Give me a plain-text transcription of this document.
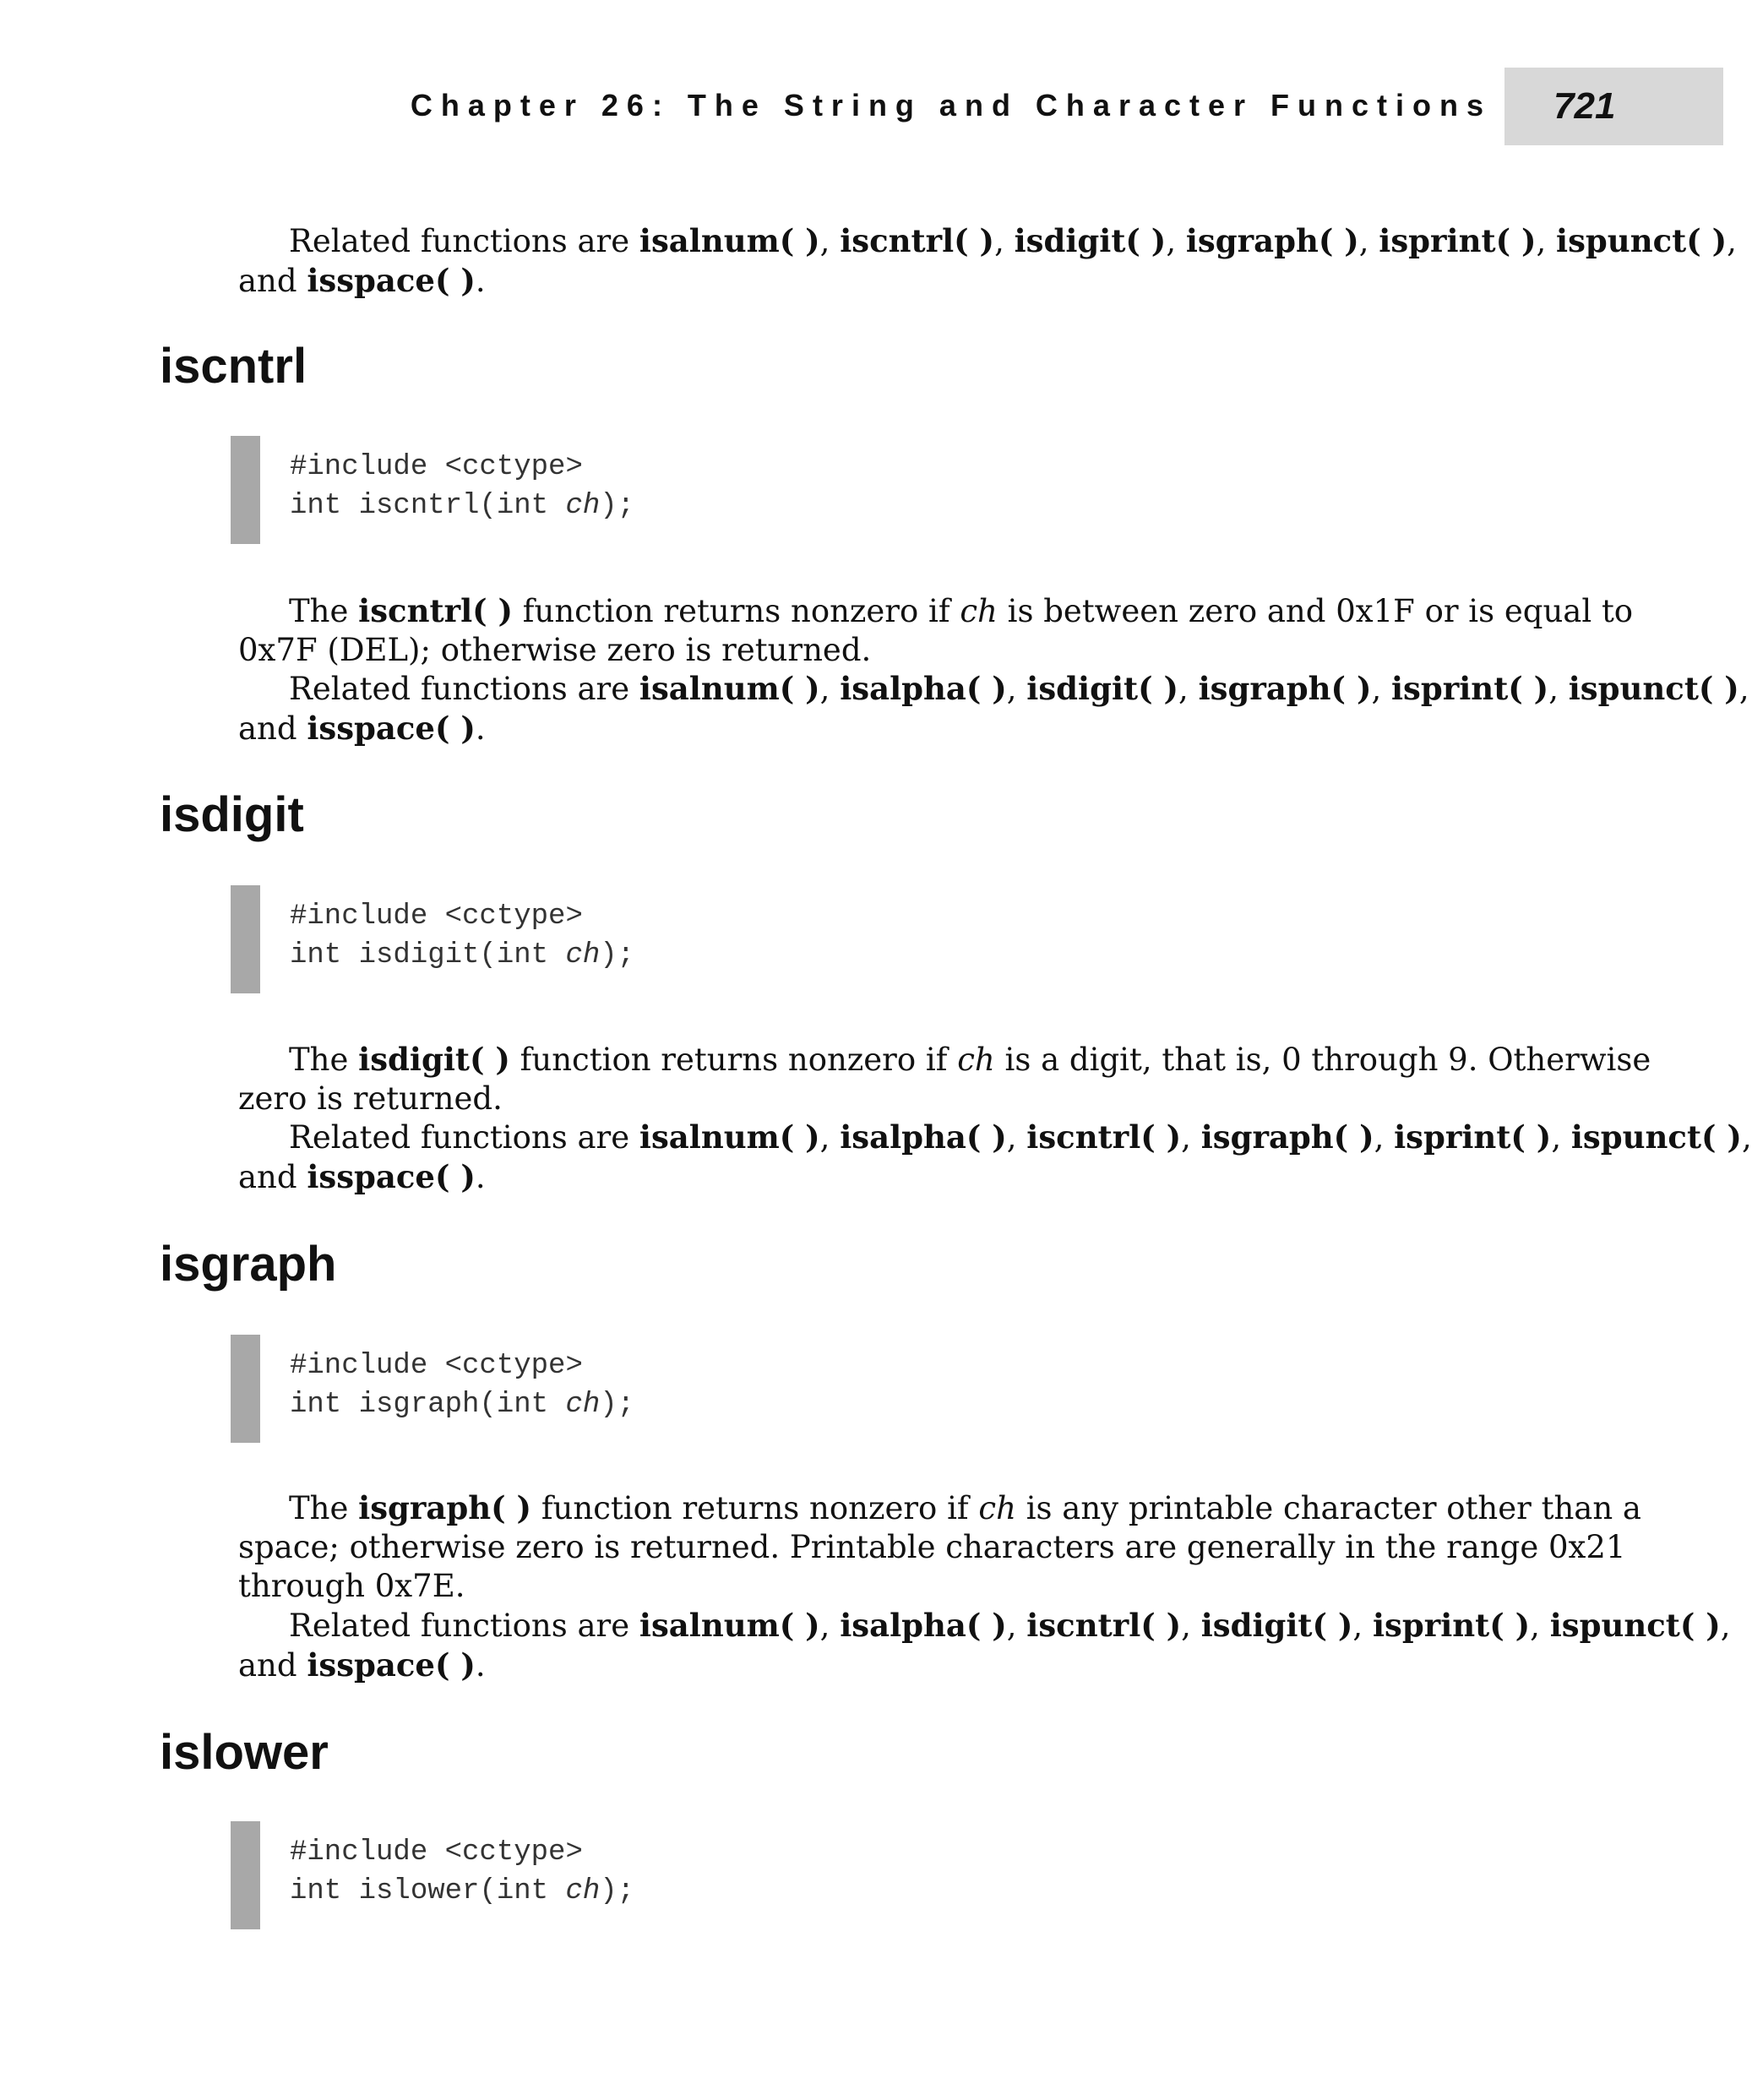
Chapter 26: The String and Character Functions 721

Related functions are isalnum( ), iscntrl( ), isdigit( ), isgraph( ), isprint( ), ispunct( ),
and isspace( ).

iscntrl
#include <cctype>
int iscntrl(int ch);

The iscntrl( ) function returns nonzero if ch is between zero and 0x1F or is equal to
0x7F (DEL); otherwise zero is returned.

Related functions are isalnum( ), isalpha( ), isdigit( ), isgraph( ), isprint( ), ispunct( ),
and isspace( ).

isdigit
#include <cctype>
int isdigit(int ch);

The isdigit( ) function returns nonzero if ch is a digit, that is, 0 through 9. Otherwise
zero is returned.

Related functions are isalnum( ), isalpha( ), iscntrl( ), isgraph( ), isprint( ), ispunct( ),
and isspace( ).

isgraph
#include <cctype>
int isgraph(int ch);

The isgraph( ) function returns nonzero if ch is any printable character other than a
space; otherwise zero is returned. Printable characters are generally in the range 0x21
through 0x7E.

Related functions are isalnum( ), isalpha( ), iscntrl( ), isdigit( ), isprint( ), ispunct( ),
and isspace( ).

islower
#include <cctype>
int islower(int ch);
